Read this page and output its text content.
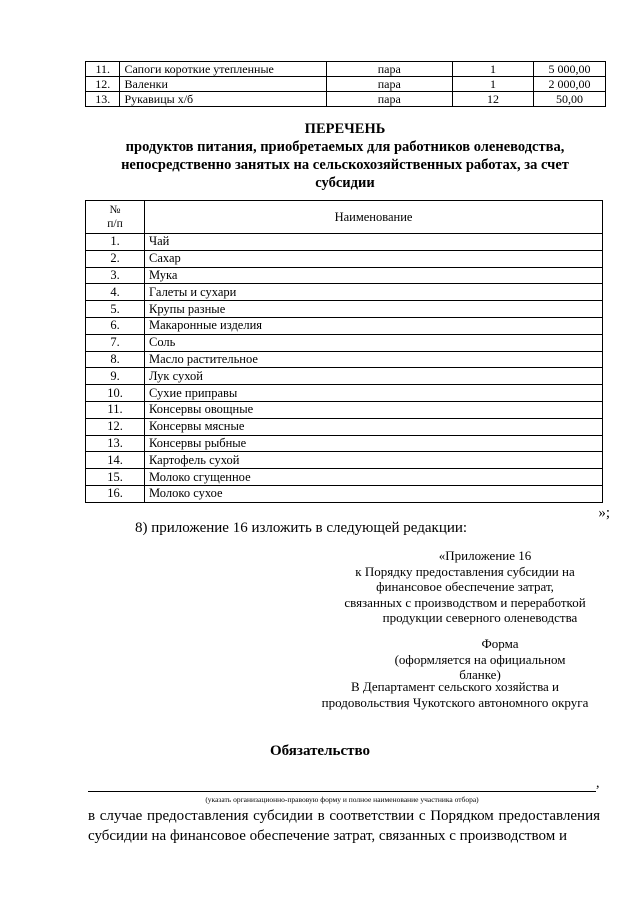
11.	Сапоги короткие утепленные	пара	1	5 000,00
12.	Валенки	пара	1	2 000,00
13.	Рукавицы х/б	пара	12	50,00
ПЕРЕЧЕНЬ
продуктов питания, приобретаемых для работников оленеводства,
непосредственно занятых на сельскохозяйственных работах, за счет
субсидии
№
п/п	Наименование
1.	Чай
2.	Сахар
3.	Мука
4.	Галеты и сухари
5.	Крупы разные
6.	Макаронные изделия
7.	Соль
8.	Масло растительное
9.	Лук сухой
10.	Сухие приправы
11.	Консервы овощные
12.	Консервы мясные
13.	Консервы рыбные
14.	Картофель сухой
15.	Молоко сгущенное
16.	Молоко сухое
»;
8) приложение 16 изложить в следующей редакции:
«Приложение 16
к Порядку предоставления субсидии на
финансовое обеспечение затрат,
связанных с производством и переработкой
продукции северного оленеводства
Форма
(оформляется на официальном бланке)
В Департамент сельского хозяйства и
продовольствия Чукотского автономного округа
Обязательство
,
(указать организационно-правовую форму и полное наименование участника отбора)
в случае предоставления субсидии в соответствии с Порядком предоставления субсидии на финансовое обеспечение затрат, связанных с производством и
